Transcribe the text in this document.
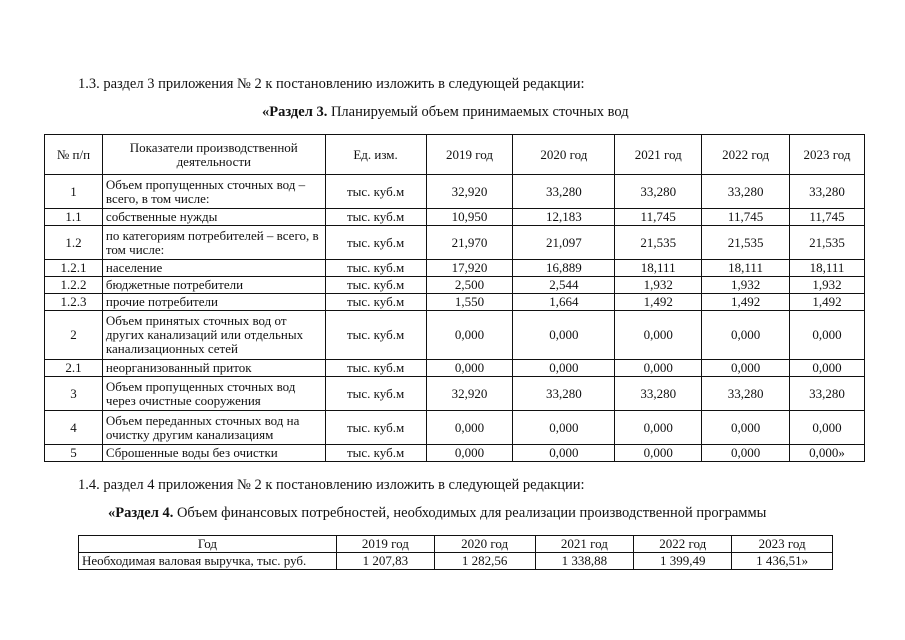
1.3. раздел 3 приложения № 2 к постановлению изложить в следующей редакции:
«Раздел 3. Планируемый объем принимаемых сточных вод
№ п/п	Показатели производственной деятельности	Ед. изм.	2019 год	2020 год	2021 год	2022 год	2023 год
1	Объем пропущенных сточных вод – всего, в том числе:	тыс. куб.м	32,920	33,280	33,280	33,280	33,280
1.1	собственные нужды	тыс. куб.м	10,950	12,183	11,745	11,745	11,745
1.2	по категориям потребителей – всего, в том числе:	тыс. куб.м	21,970	21,097	21,535	21,535	21,535
1.2.1	население	тыс. куб.м	17,920	16,889	18,111	18,111	18,111
1.2.2	бюджетные потребители	тыс. куб.м	2,500	2,544	1,932	1,932	1,932
1.2.3	прочие потребители	тыс. куб.м	1,550	1,664	1,492	1,492	1,492
2	Объем принятых сточных вод от других канализаций или отдельных канализационных сетей	тыс. куб.м	0,000	0,000	0,000	0,000	0,000
2.1	неорганизованный приток	тыс. куб.м	0,000	0,000	0,000	0,000	0,000
3	Объем пропущенных сточных вод через очистные сооружения	тыс. куб.м	32,920	33,280	33,280	33,280	33,280
4	Объем переданных сточных вод на очистку другим канализациям	тыс. куб.м	0,000	0,000	0,000	0,000	0,000
5	Сброшенные воды без очистки	тыс. куб.м	0,000	0,000	0,000	0,000	0,000»
1.4. раздел 4 приложения № 2 к постановлению изложить в следующей редакции:
«Раздел 4. Объем финансовых потребностей, необходимых для реализации производственной программы
Год	2019 год	2020 год	2021 год	2022 год	2023 год
Необходимая валовая выручка, тыс. руб.	1 207,83	1 282,56	1 338,88	1 399,49	1 436,51»
